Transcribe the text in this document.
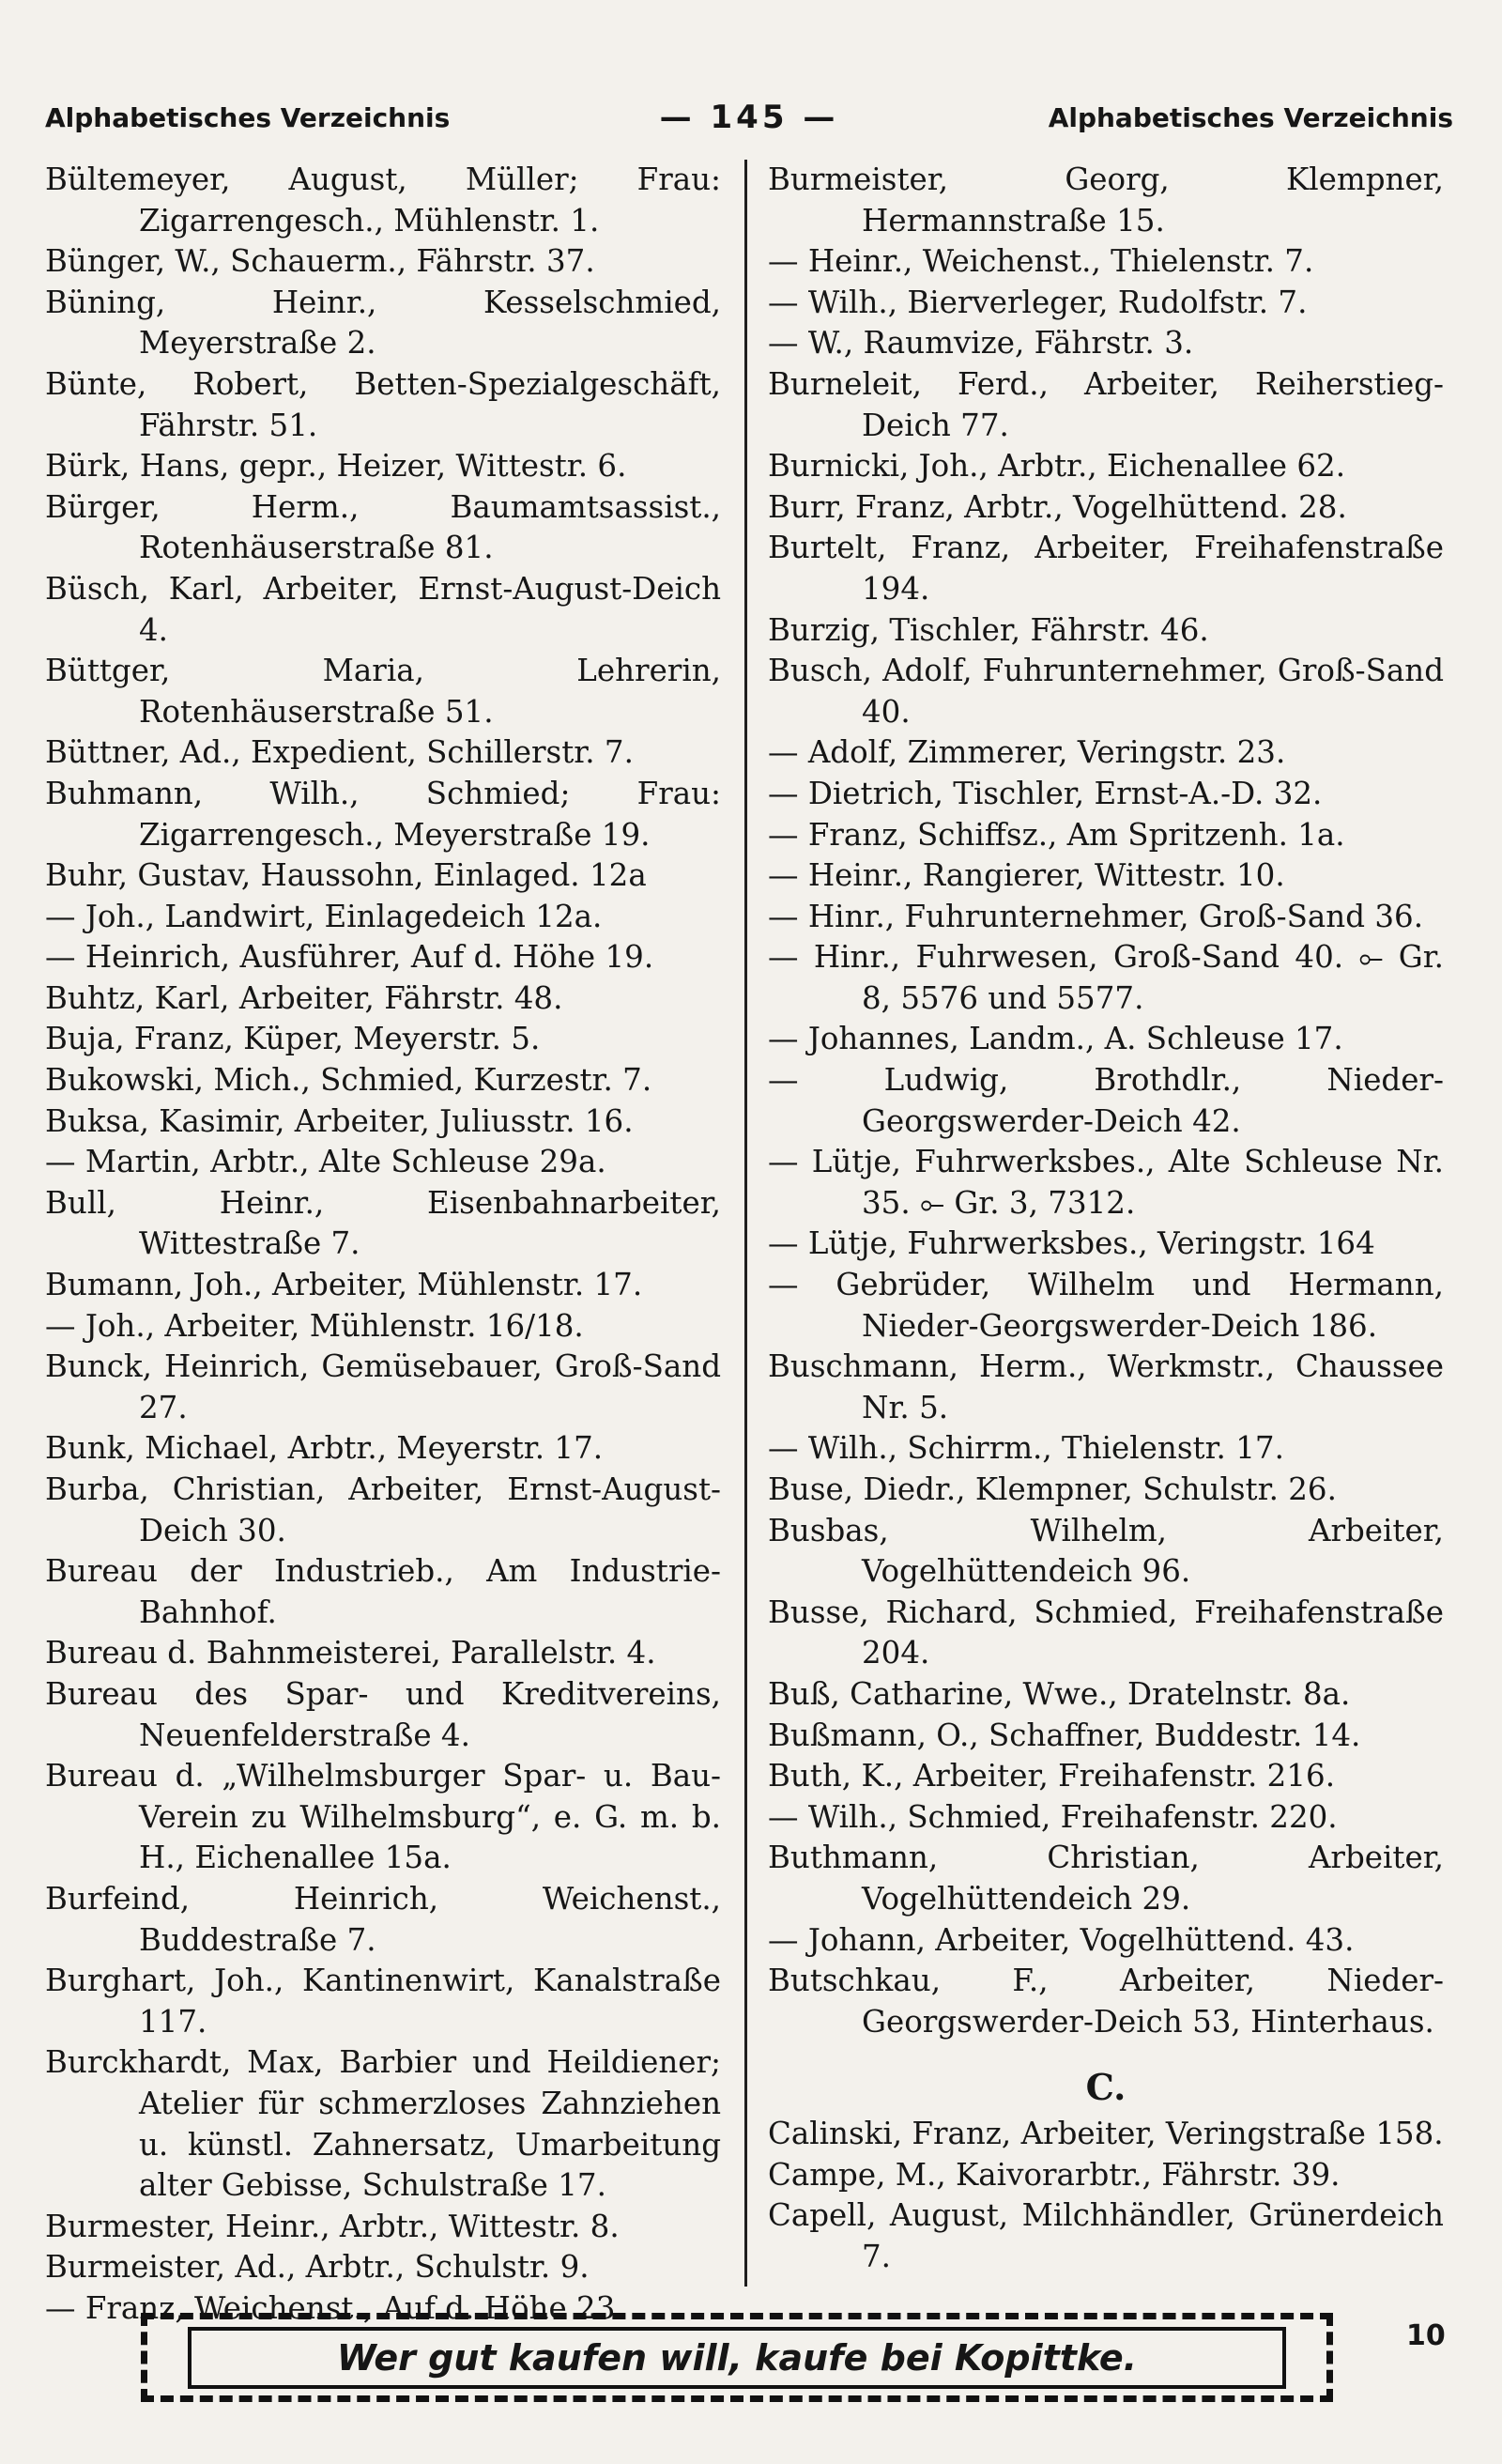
Alphabetisches Verzeichnis	— 145 —	Alphabetisches Verzeichnis

Bültemeyer, August, Müller; Frau: Zigarrengesch., Mühlenstr. 1.

Bünger, W., Schauerm., Fährstr. 37.

Büning, Heinr., Kesselschmied, Meyerstraße 2.

Bünte, Robert, Betten-Spezialgeschäft, Fährstr. 51.

Bürk, Hans, gepr., Heizer, Wittestr. 6.

Bürger, Herm., Baumamtsassist., Rotenhäuserstraße 81.

Büsch, Karl, Arbeiter, Ernst-August-Deich 4.

Büttger, Maria, Lehrerin, Rotenhäuserstraße 51.

Büttner, Ad., Expedient, Schillerstr. 7.

Buhmann, Wilh., Schmied; Frau: Zigarrengesch., Meyerstraße 19.

Buhr, Gustav, Haussohn, Einlaged. 12a

— Joh., Landwirt, Einlagedeich 12a.

— Heinrich, Ausführer, Auf d. Höhe 19.

Buhtz, Karl, Arbeiter, Fährstr. 48.

Buja, Franz, Küper, Meyerstr. 5.

Bukowski, Mich., Schmied, Kurzestr. 7.

Buksa, Kasimir, Arbeiter, Juliusstr. 16.

— Martin, Arbtr., Alte Schleuse 29a.

Bull, Heinr., Eisenbahnarbeiter, Wittestraße 7.

Bumann, Joh., Arbeiter, Mühlenstr. 17.

— Joh., Arbeiter, Mühlenstr. 16/18.

Bunck, Heinrich, Gemüsebauer, Groß-Sand 27.

Bunk, Michael, Arbtr., Meyerstr. 17.

Burba, Christian, Arbeiter, Ernst-August-Deich 30.

Bureau der Industrieb., Am Industrie-Bahnhof.

Bureau d. Bahnmeisterei, Parallelstr. 4.

Bureau des Spar- und Kreditvereins, Neuenfelderstraße 4.

Bureau d. „Wilhelmsburger Spar- u. Bau-Verein zu Wilhelmsburg“, e. G. m. b. H., Eichenallee 15a.

Burfeind, Heinrich, Weichenst., Buddestraße 7.

Burghart, Joh., Kantinenwirt, Kanalstraße 117.

Burckhardt, Max, Barbier und Heildiener; Atelier für schmerzloses Zahnziehen u. künstl. Zahnersatz, Umarbeitung alter Gebisse, Schulstraße 17.

Burmester, Heinr., Arbtr., Wittestr. 8.

Burmeister, Ad., Arbtr., Schulstr. 9.

— Franz, Weichenst., Auf d. Höhe 23.

Burmeister, Georg, Klempner, Hermannstraße 15.

— Heinr., Weichenst., Thielenstr. 7.

— Wilh., Bierverleger, Rudolfstr. 7.

— W., Raumvize, Fährstr. 3.

Burneleit, Ferd., Arbeiter, Reiherstieg-Deich 77.

Burnicki, Joh., Arbtr., Eichenallee 62.

Burr, Franz, Arbtr., Vogelhüttend. 28.

Burtelt, Franz, Arbeiter, Freihafenstraße 194.

Burzig, Tischler, Fährstr. 46.

Busch, Adolf, Fuhrunternehmer, Groß-Sand 40.

— Adolf, Zimmerer, Veringstr. 23.

— Dietrich, Tischler, Ernst-A.-D. 32.

— Franz, Schiffsz., Am Spritzenh. 1a.

— Heinr., Rangierer, Wittestr. 10.

— Hinr., Fuhrunternehmer, Groß-Sand 36.

— Hinr., Fuhrwesen, Groß-Sand 40. ⟜ Gr. 8, 5576 und 5577.

— Johannes, Landm., A. Schleuse 17.

— Ludwig, Brothdlr., Nieder-Georgswerder-Deich 42.

— Lütje, Fuhrwerksbes., Alte Schleuse Nr. 35. ⟜ Gr. 3, 7312.

— Lütje, Fuhrwerksbes., Veringstr. 164

— Gebrüder, Wilhelm und Hermann, Nieder-Georgswerder-Deich 186.

Buschmann, Herm., Werkmstr., Chaussee Nr. 5.

— Wilh., Schirrm., Thielenstr. 17.

Buse, Diedr., Klempner, Schulstr. 26.

Busbas, Wilhelm, Arbeiter, Vogelhüttendeich 96.

Busse, Richard, Schmied, Freihafenstraße 204.

Buß, Catharine, Wwe., Dratelnstr. 8a.

Bußmann, O., Schaffner, Buddestr. 14.

Buth, K., Arbeiter, Freihafenstr. 216.

— Wilh., Schmied, Freihafenstr. 220.

Buthmann, Christian, Arbeiter, Vogelhüttendeich 29.

— Johann, Arbeiter, Vogelhüttend. 43.

Butschkau, F., Arbeiter, Nieder-Georgswerder-Deich 53, Hinterhaus.

C.

Calinski, Franz, Arbeiter, Veringstraße 158.

Campe, M., Kaivorarbtr., Fährstr. 39.

Capell, August, Milchhändler, Grünerdeich 7.

Wer gut kaufen will, kaufe bei Kopittke.
10
